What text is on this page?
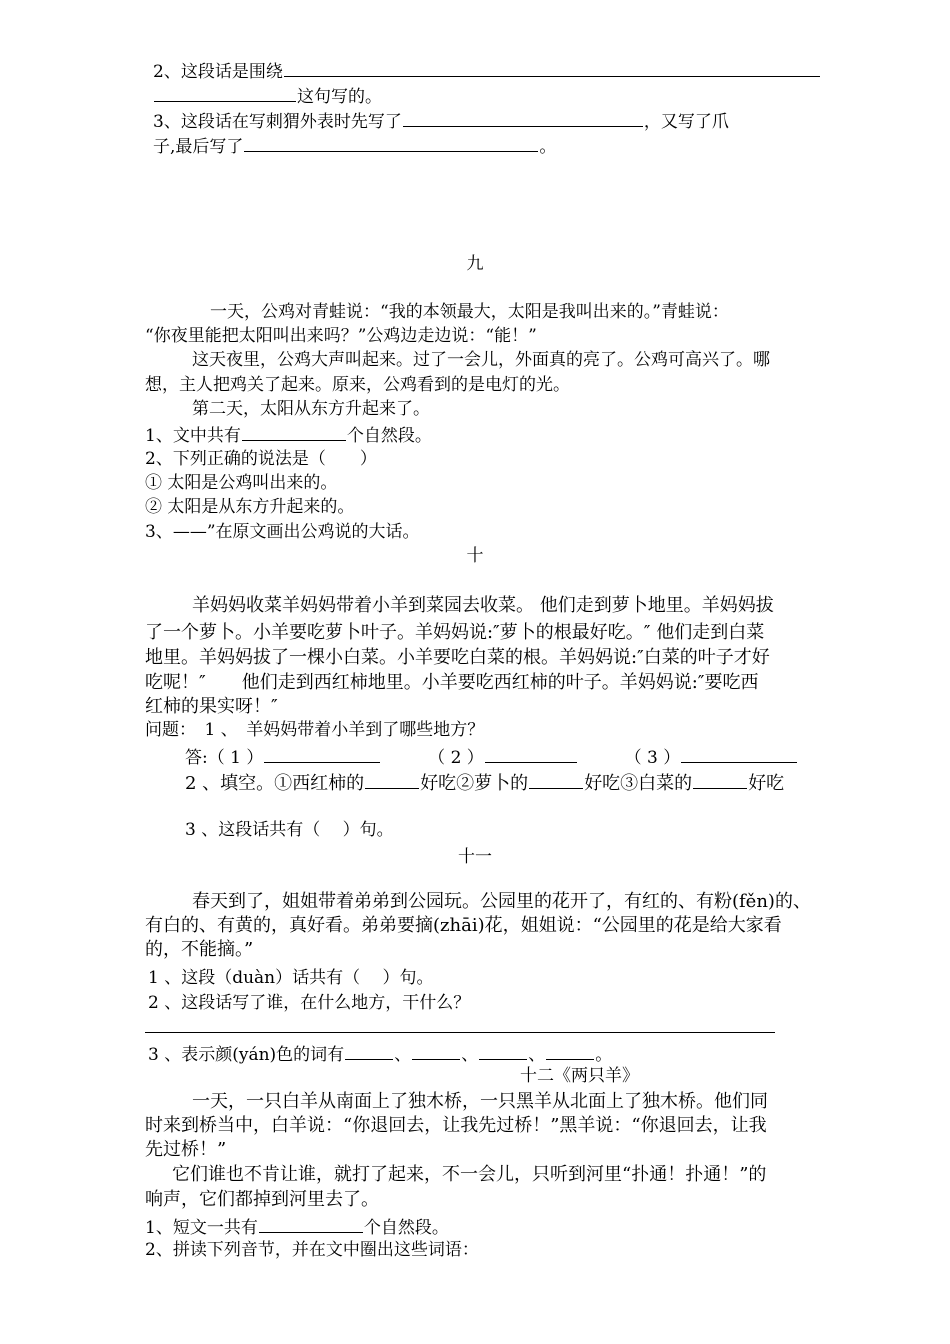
2、这段话是围绕
这句写的。
3、这段话在写刺猬外表时先写了	，又写了爪
子,最后写了	。
九
一天，公鸡对青蛙说：“我的本领最大，太阳是我叫出来的。”青蛙说：
“你夜里能把太阳叫出来吗？”公鸡边走边说：“能！”
这天夜里，公鸡大声叫起来。过了一会儿，外面真的亮了。公鸡可高兴了。哪
想，主人把鸡关了起来。原来，公鸡看到的是电灯的光。
第二天，太阳从东方升起来了。
1、文中共有	个自然段。
2、下列正确的说法是（　　）
① 太阳是公鸡叫出来的。
② 太阳是从东方升起来的。
3、——”在原文画出公鸡说的大话。
十
羊妈妈收菜羊妈妈带着小羊到菜园去收菜。 他们走到萝卜地里。羊妈妈拔
了一个萝卜。小羊要吃萝卜叶子。羊妈妈说:″萝卜的根最好吃。″ 他们走到白菜
地里。羊妈妈拔了一棵小白菜。小羊要吃白菜的根。羊妈妈说:″白菜的叶子才好
吃呢！″　　他们走到西红柿地里。小羊要吃西红柿的叶子。羊妈妈说:″要吃西
红柿的果实呀！″
问题：　1 、　羊妈妈带着小羊到了哪些地方？
答:（ 1 ）	（ 2 ）	（ 3 ）
2 、填空。①西红柿的	好吃②萝卜的	好吃③白菜的	好吃
3 、这段话共有（　 ）句。
十一
春天到了，姐姐带着弟弟到公园玩。公园里的花开了，有红的、有粉(fěn)的、
有白的、有黄的，真好看。弟弟要摘(zhāi)花，姐姐说：“公园里的花是给大家看
的，不能摘。”
1 、这段（duàn）话共有（　 ）句。
2 、这段话写了谁，在什么地方，干什么？
3 、表示颜(yán)色的词有	、	、	、	。
十二《两只羊》
一天，一只白羊从南面上了独木桥，一只黑羊从北面上了独木桥。他们同
时来到桥当中，白羊说：“你退回去，让我先过桥！”黑羊说：“你退回去，让我
先过桥！”
它们谁也不肯让谁，就打了起来，不一会儿，只听到河里“扑通！扑通！”的
响声，它们都掉到河里去了。
1、短文一共有	个自然段。
2、拼读下列音节，并在文中圈出这些词语：
